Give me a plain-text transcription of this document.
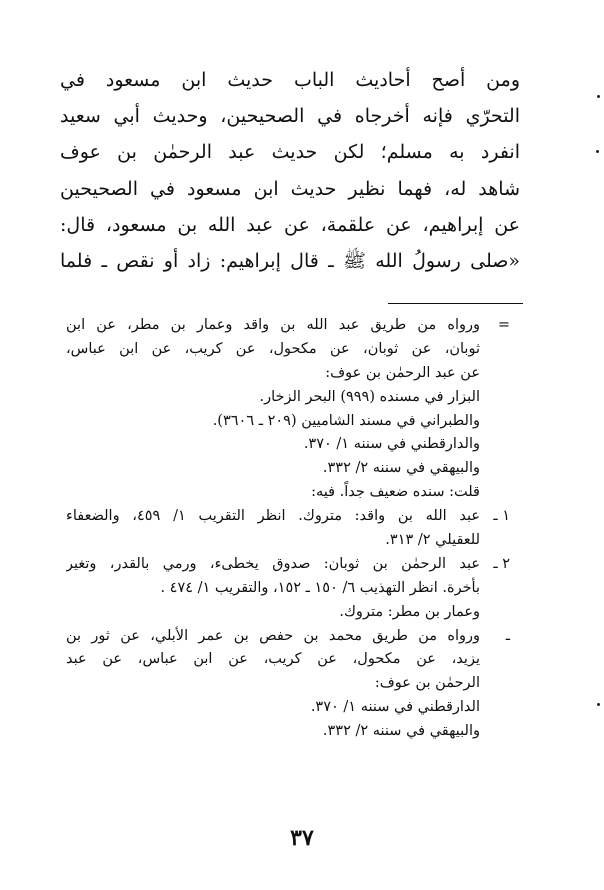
ومن أصح أحاديث الباب حديث ابن مسعود في
التحرّي فإنه أخرجاه في الصحيحين، وحديث أبي سعيد
انفرد به مسلم؛ لكن حديث عبد الرحمٰن بن عوف
شاهد له، فهما نظير حديث ابن مسعود في الصحيحين
عن إبراهيم، عن علقمة، عن عبد الله بن مسعود، قال:
«صلى رسولُ الله ﷺ ـ قال إبراهيم: زاد أو نقص ـ فلما
=
ورواه من طريق عبد الله بن واقد وعمار بن مطر، عن ابن
ثوبان، عن ثوبان، عن مكحول، عن كريب، عن ابن عباس،
عن عبد الرحمٰن بن عوف:
البزار في مسنده (٩٩٩) البحر الزخار.
والطبراني في مسند الشاميين (٢٠٩ ـ ٣٦٠٦).
والدارقطني في سننه ١/ ٣٧٠.
والبيهقي في سننه ٢/ ٣٣٢.
قلت: سنده ضعيف جداً. فيه:
١ ـ
عبد الله بن واقد: متروك. انظر التقريب ١/ ٤٥٩، والضعفاء
للعقيلي ٢/ ٣١٣.
٢ ـ
عبد الرحمٰن بن ثوبان: صدوق يخطىء، ورمي بالقدر، وتغير
بأخرة. انظر التهذيب ٦/ ١٥٠ ـ ١٥٢، والتقريب ١/ ٤٧٤ .
وعمار بن مطر: متروك.
ـ
ورواه من طريق محمد بن حفص بن عمر الأبلي، عن ثور بن
يزيد، عن مكحول، عن كريب، عن ابن عباس، عن عبد
الرحمٰن بن عوف:
الدارقطني في سننه ١/ ٣٧٠.
والبيهقي في سننه ٢/ ٣٣٢.
٣٧
